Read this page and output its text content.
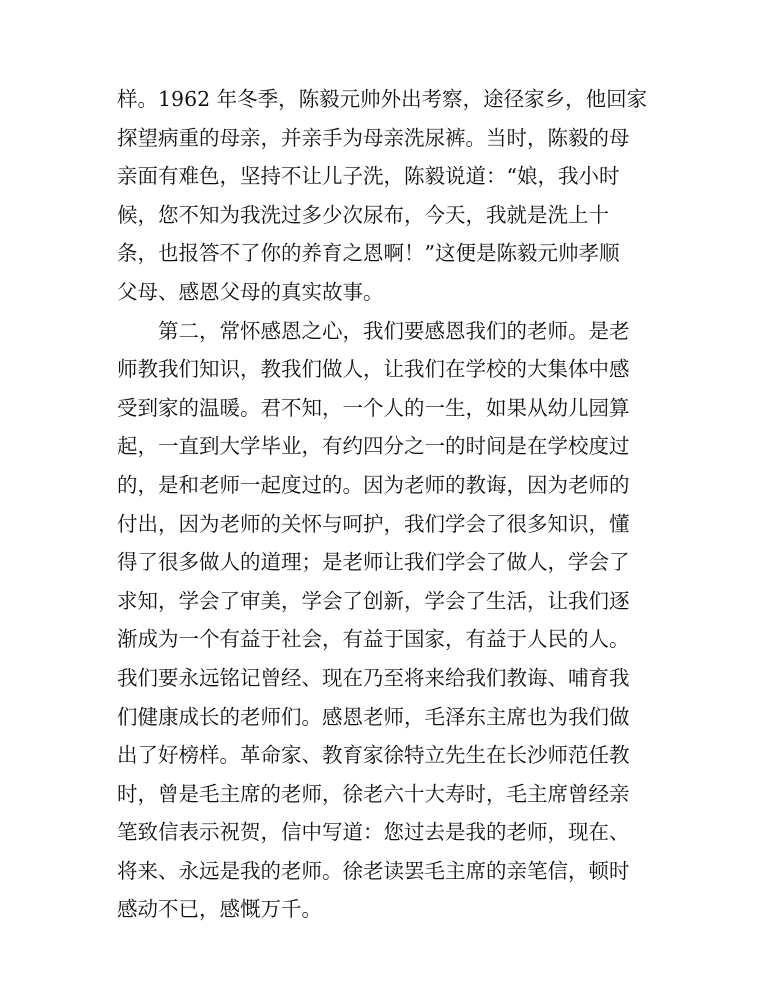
样。1962 年冬季，陈毅元帅外出考察，途径家乡，他回家
探望病重的母亲，并亲手为母亲洗尿裤。当时，陈毅的母
亲面有难色，坚持不让儿子洗，陈毅说道：“娘，我小时
候，您不知为我洗过多少次尿布，今天，我就是洗上十
条，也报答不了你的养育之恩啊！”这便是陈毅元帅孝顺
父母、感恩父母的真实故事。
　　第二，常怀感恩之心，我们要感恩我们的老师。是老
师教我们知识，教我们做人，让我们在学校的大集体中感
受到家的温暖。君不知，一个人的一生，如果从幼儿园算
起，一直到大学毕业，有约四分之一的时间是在学校度过
的，是和老师一起度过的。因为老师的教诲，因为老师的
付出，因为老师的关怀与呵护，我们学会了很多知识，懂
得了很多做人的道理；是老师让我们学会了做人，学会了
求知，学会了审美，学会了创新，学会了生活，让我们逐
渐成为一个有益于社会，有益于国家，有益于人民的人。
我们要永远铭记曾经、现在乃至将来给我们教诲、哺育我
们健康成长的老师们。感恩老师，毛泽东主席也为我们做
出了好榜样。革命家、教育家徐特立先生在长沙师范任教
时，曾是毛主席的老师，徐老六十大寿时，毛主席曾经亲
笔致信表示祝贺，信中写道：您过去是我的老师，现在、
将来、永远是我的老师。徐老读罢毛主席的亲笔信，顿时
感动不已，感慨万千。
